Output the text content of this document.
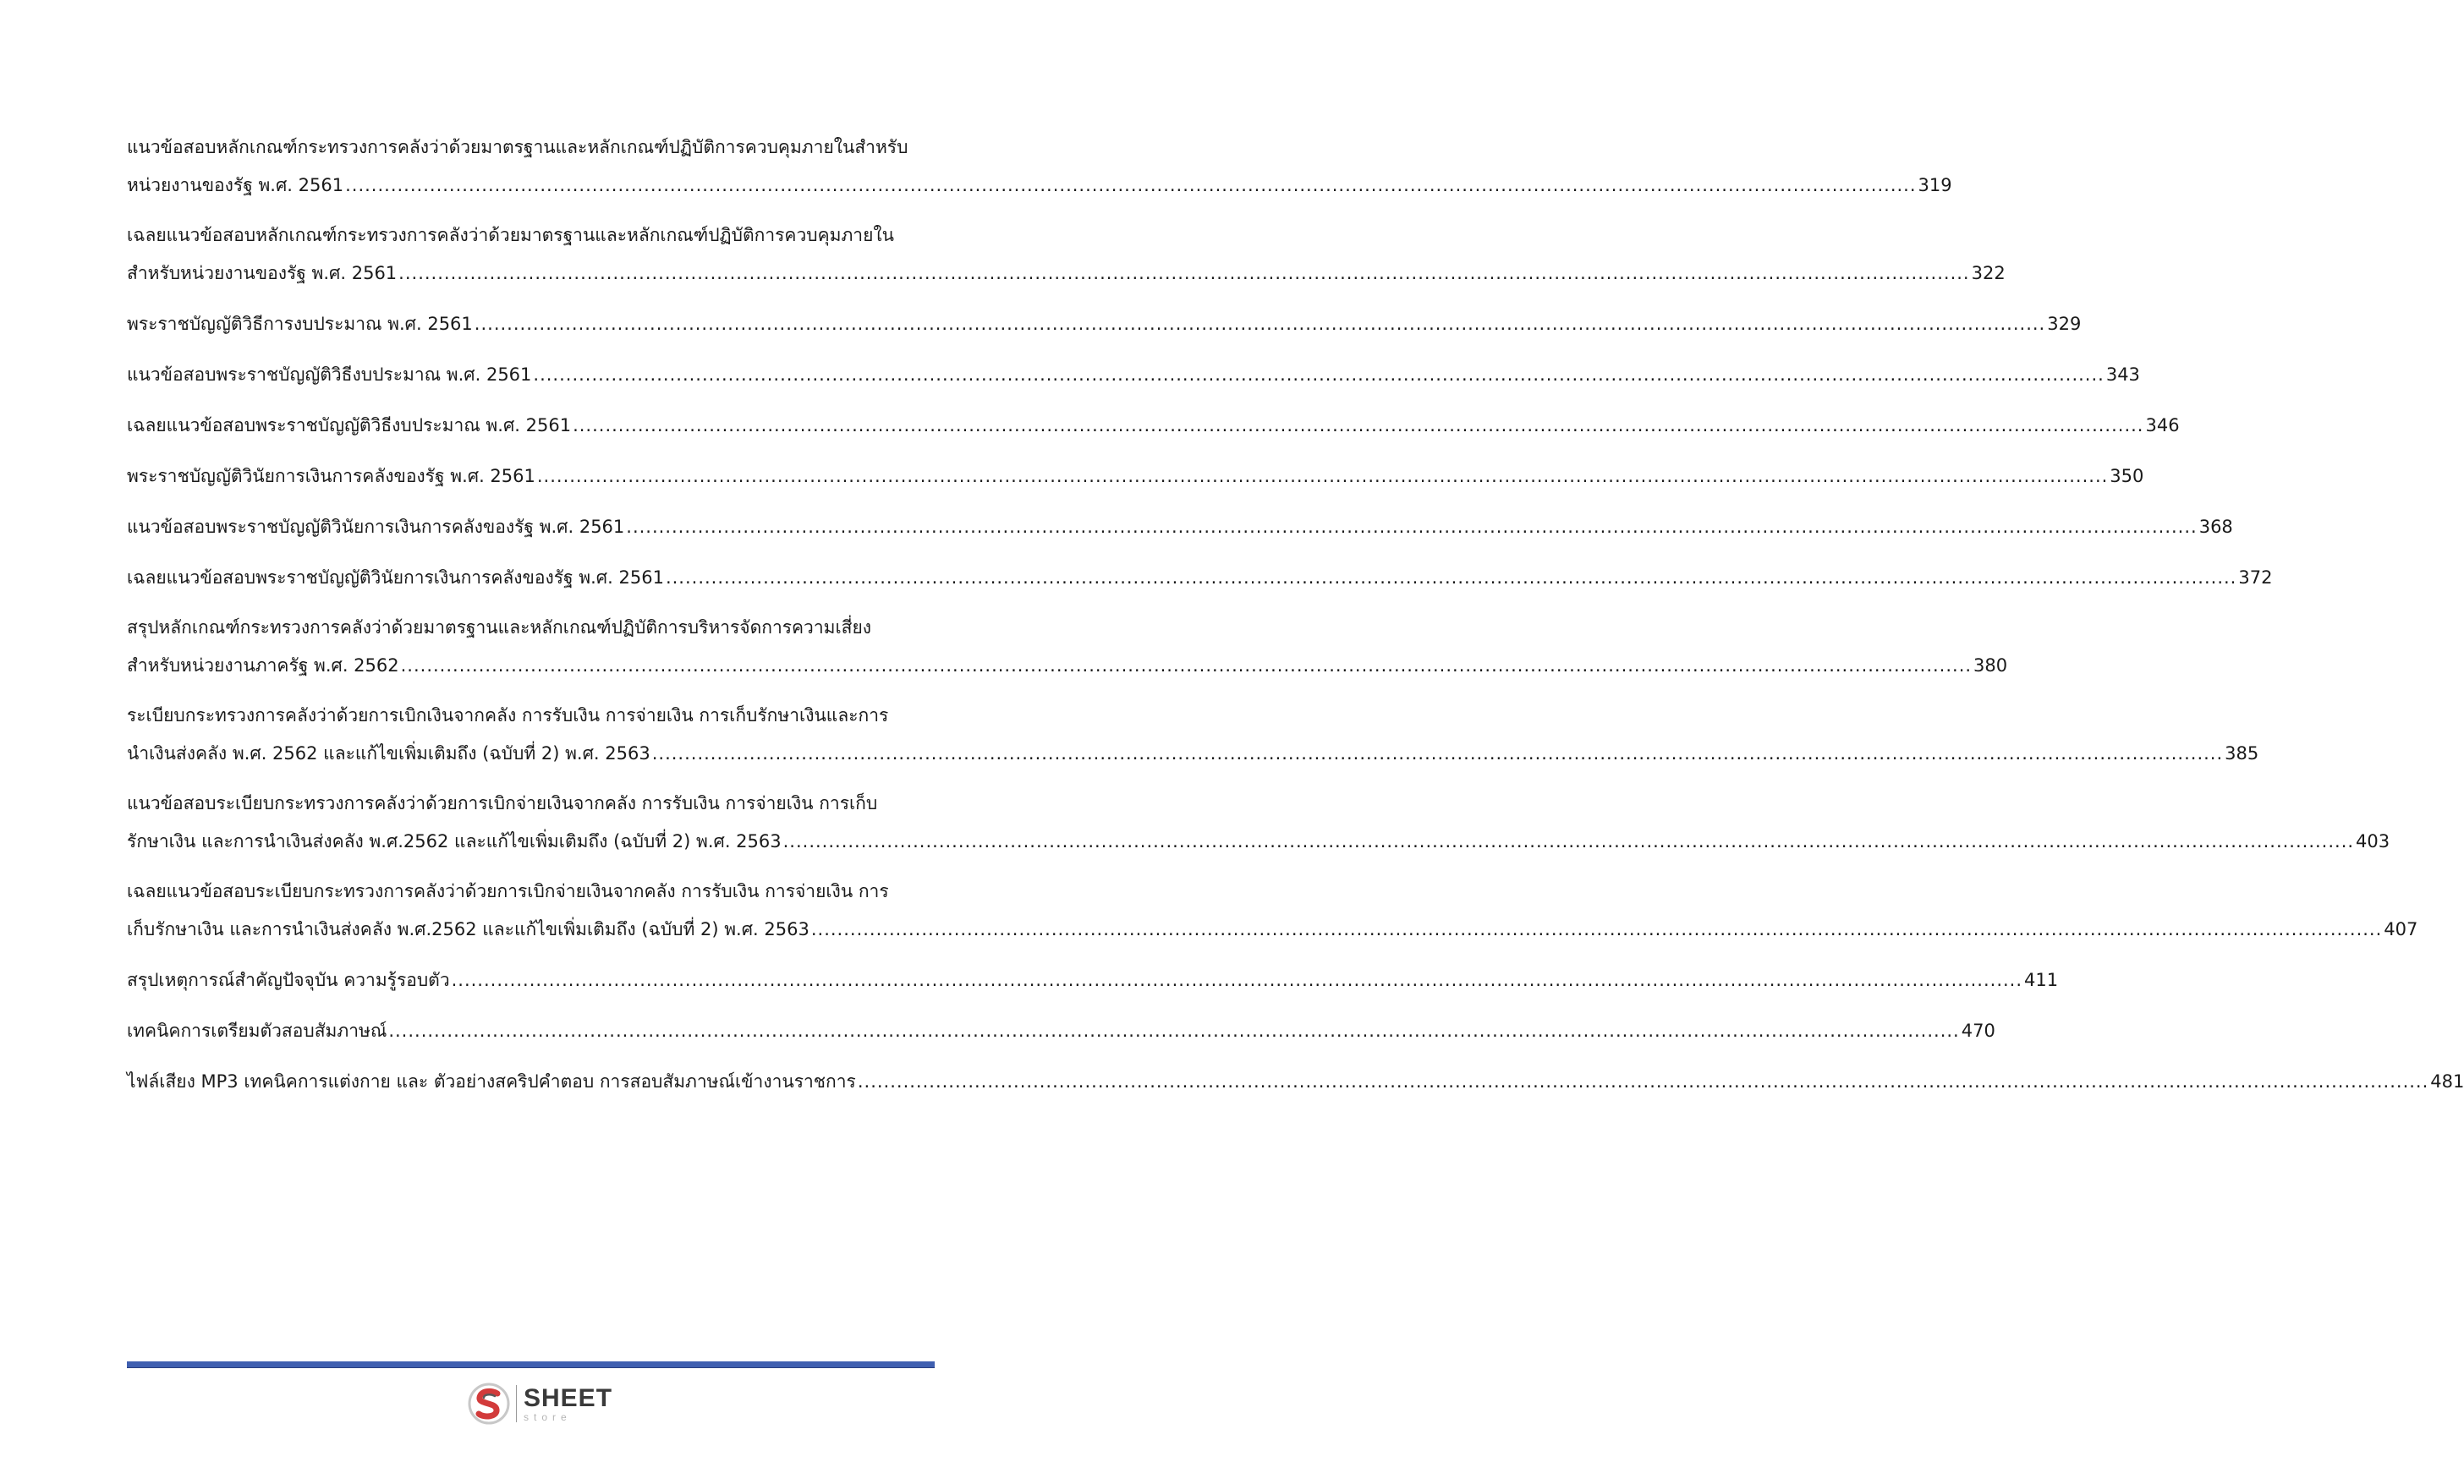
แนวข้อสอบหลักเกณฑ์กระทรวงการคลังว่าด้วยมาตรฐานและหลักเกณฑ์ปฏิบัติการควบคุมภายในสำหรับ
หน่วยงานของรัฐ พ.ศ. 2561 .....	319
เฉลยแนวข้อสอบหลักเกณฑ์กระทรวงการคลังว่าด้วยมาตรฐานและหลักเกณฑ์ปฏิบัติการควบคุมภายใน
สำหรับหน่วยงานของรัฐ พ.ศ. 2561 .....	322
พระราชบัญญัติวิธีการงบประมาณ พ.ศ. 2561 .....	329
แนวข้อสอบพระราชบัญญัติวิธีงบประมาณ พ.ศ. 2561 .....	343
เฉลยแนวข้อสอบพระราชบัญญัติวิธีงบประมาณ พ.ศ. 2561 .....	346
พระราชบัญญัติวินัยการเงินการคลังของรัฐ พ.ศ. 2561 .....	350
แนวข้อสอบพระราชบัญญัติวินัยการเงินการคลังของรัฐ พ.ศ. 2561 .....	368
เฉลยแนวข้อสอบพระราชบัญญัติวินัยการเงินการคลังของรัฐ พ.ศ. 2561 .....	372
สรุปหลักเกณฑ์กระทรวงการคลังว่าด้วยมาตรฐานและหลักเกณฑ์ปฏิบัติการบริหารจัดการความเสี่ยง
สำหรับหน่วยงานภาครัฐ พ.ศ. 2562 .....	380
ระเบียบกระทรวงการคลังว่าด้วยการเบิกเงินจากคลัง การรับเงิน การจ่ายเงิน การเก็บรักษาเงินและการ
นำเงินส่งคลัง พ.ศ. 2562 และแก้ไขเพิ่มเติมถึง (ฉบับที่ 2) พ.ศ. 2563 .....	385
แนวข้อสอบระเบียบกระทรวงการคลังว่าด้วยการเบิกจ่ายเงินจากคลัง การรับเงิน การจ่ายเงิน การเก็บ
รักษาเงิน และการนำเงินส่งคลัง พ.ศ.2562 และแก้ไขเพิ่มเติมถึง (ฉบับที่ 2) พ.ศ. 2563 .....	403
เฉลยแนวข้อสอบระเบียบกระทรวงการคลังว่าด้วยการเบิกจ่ายเงินจากคลัง การรับเงิน การจ่ายเงิน การ
เก็บรักษาเงิน และการนำเงินส่งคลัง พ.ศ.2562 และแก้ไขเพิ่มเติมถึง (ฉบับที่ 2) พ.ศ. 2563 .....	407
สรุปเหตุการณ์สำคัญปัจจุบัน ความรู้รอบตัว .....	411
เทคนิคการเตรียมตัวสอบสัมภาษณ์ .....	470
ไฟล์เสียง MP3 เทคนิคการแต่งกาย และ ตัวอย่างสคริปคำตอบ การสอบสัมภาษณ์เข้างานราชการ .....	481
SHEET
store
